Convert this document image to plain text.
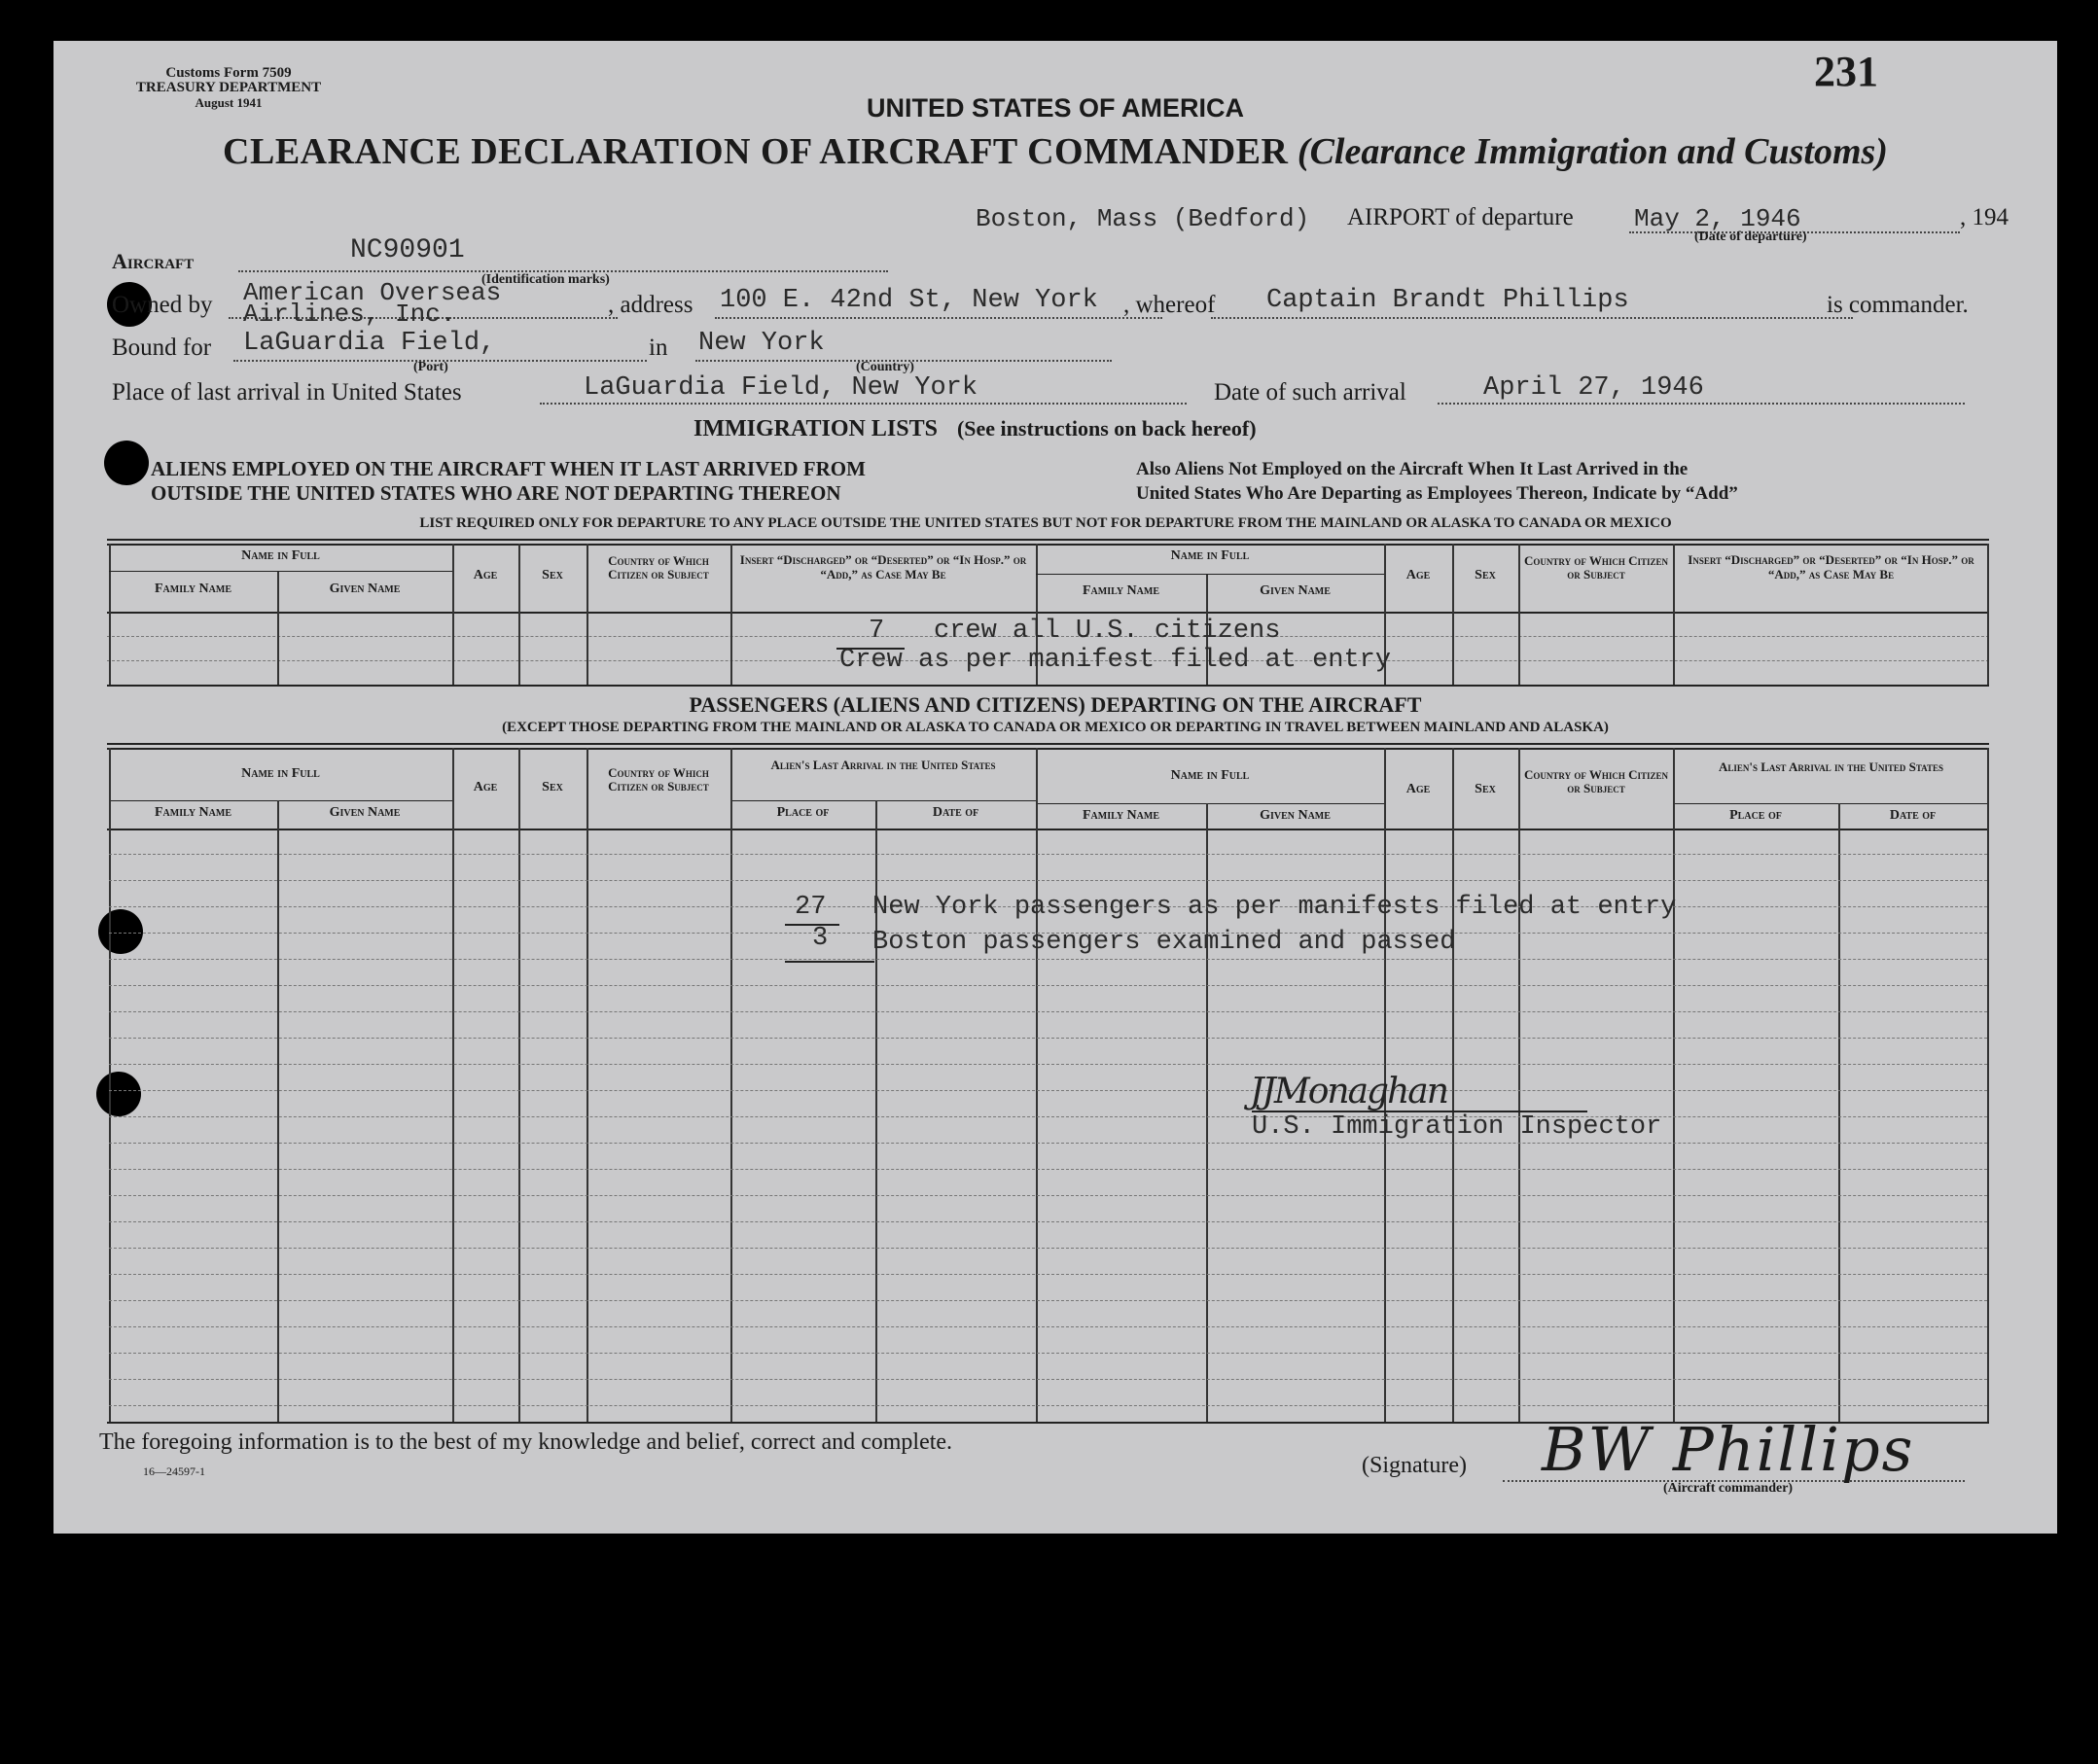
Customs Form 7509
TREASURY DEPARTMENT
August 1941
231
UNITED STATES OF AMERICA
CLEARANCE DECLARATION OF AIRCRAFT COMMANDER (Clearance Immigration and Customs)
Boston, Mass (Bedford) AIRPORT of departure May 2, 1946	, 194
(Date of departure)
Aircraft	NC90901
(Identification marks)
Owned by American Overseas
Airlines, Inc.	, address 100 E. 42nd St, New York , whereof Captain Brandt Phillips	is commander.
Bound for LaGuardia Field,
(Port)
in New York
(Country)
Place of last arrival in United States	LaGuardia Field, New York	Date of such arrival	April 27, 1946
IMMIGRATION LISTS (See instructions on back hereof)
ALIENS EMPLOYED ON THE AIRCRAFT WHEN IT LAST ARRIVED FROM
OUTSIDE THE UNITED STATES WHO ARE NOT DEPARTING THEREON
Also Aliens Not Employed on the Aircraft When It Last Arrived in the
United States Who Are Departing as Employees Thereon, Indicate by “Add”
LIST REQUIRED ONLY FOR DEPARTURE TO ANY PLACE OUTSIDE THE UNITED STATES BUT NOT FOR DEPARTURE FROM THE MAINLAND OR ALASKA TO CANADA OR MEXICO
Name in Full
Family Name	Given Name
Age	Sex
Country of Which Citizen or Subject
Insert “Discharged” or “Deserted” or “In Hosp.” or “Add,” as Case May Be
Name in Full
Family Name	Given Name
Age	Sex
Country of Which Citizen or Subject
Insert “Discharged” or “Deserted” or “In Hosp.” or “Add,” as Case May Be
7 crew all U.S. citizens
Crew as per manifest filed at entry
PASSENGERS (ALIENS AND CITIZENS) DEPARTING ON THE AIRCRAFT
(EXCEPT THOSE DEPARTING FROM THE MAINLAND OR ALASKA TO CANADA OR MEXICO OR DEPARTING IN TRAVEL BETWEEN MAINLAND AND ALASKA)
Name in Full
Family Name	Given Name
Age	Sex
Country of Which Citizen or Subject
Alien's Last Arrival in the United States
Place of	Date of
Name in Full
Family Name	Given Name
Age	Sex
Country of Which Citizen or Subject
Alien's Last Arrival in the United States
Place of	Date of
27 New York passengers as per manifests filed at entry
3 Boston passengers examined and passed
JJMonaghan
U.S. Immigration Inspector
The foregoing information is to the best of my knowledge and belief, correct and complete.
16—24597-1	(Signature) BW Phillips
(Aircraft commander)
